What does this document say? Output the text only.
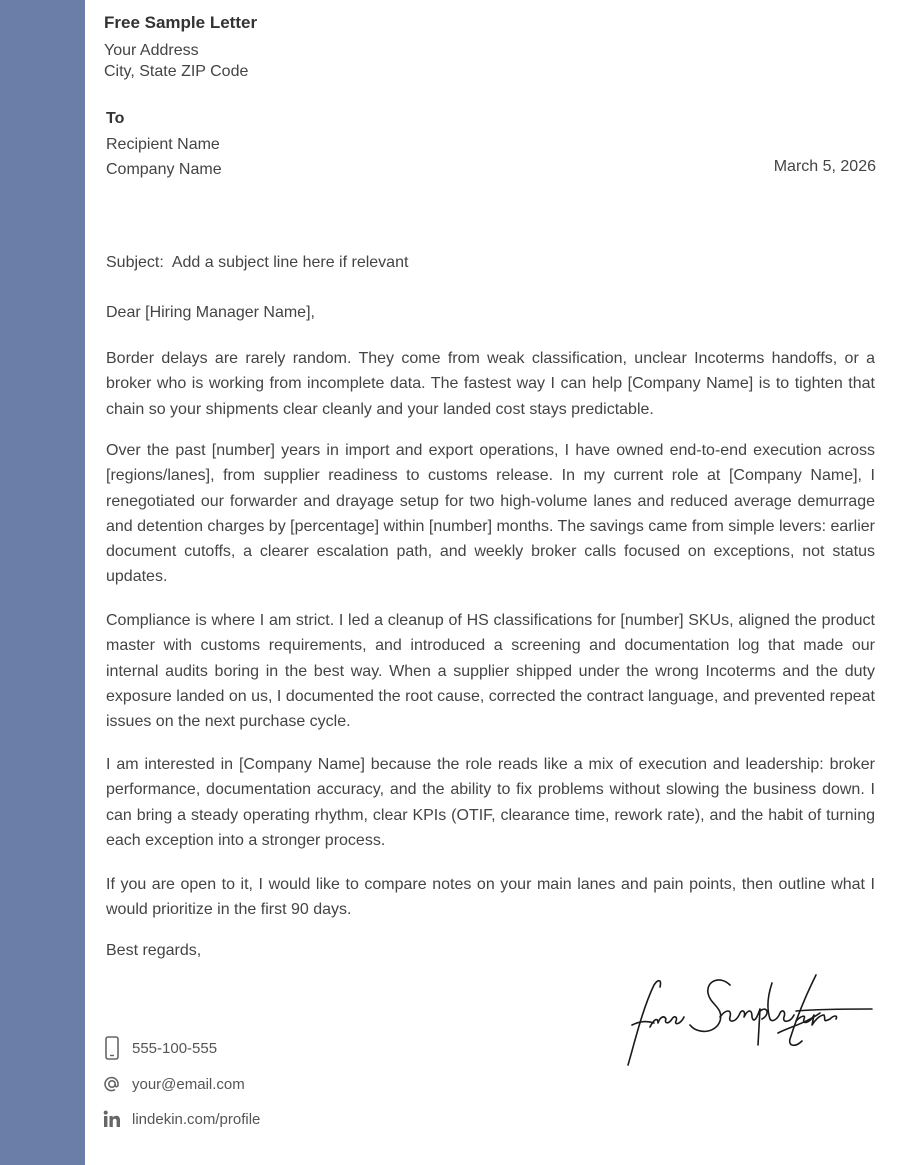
Free Sample Letter
Your Address
City, State ZIP Code
To
Recipient Name
Company Name	March 5, 2026
Subject:  Add a subject line here if relevant
Dear [Hiring Manager Name],

Border delays are rarely random. They come from weak classification, unclear Incoterms handoffs, or a broker who is working from incomplete data. The fastest way I can help [Company Name] is to tighten that chain so your shipments clear cleanly and your landed cost stays predictable.

Over the past [number] years in import and export operations, I have owned end-to-end execution across [regions/lanes], from supplier readiness to customs release. In my current role at [Company Name], I renegotiated our forwarder and drayage setup for two high-volume lanes and reduced average demurrage and detention charges by [percentage] within [number] months. The savings came from simple levers: earlier document cutoffs, a clearer escalation path, and weekly broker calls focused on exceptions, not status updates.

Compliance is where I am strict. I led a cleanup of HS classifications for [number] SKUs, aligned the product master with customs requirements, and introduced a screening and documentation log that made our internal audits boring in the best way. When a supplier shipped under the wrong Incoterms and the duty exposure landed on us, I documented the root cause, corrected the contract language, and prevented repeat issues on the next purchase cycle.

I am interested in [Company Name] because the role reads like a mix of execution and leadership: broker performance, documentation accuracy, and the ability to fix problems without slowing the business down. I can bring a steady operating rhythm, clear KPIs (OTIF, clearance time, rework rate), and the habit of turning each exception into a stronger process.

If you are open to it, I would like to compare notes on your main lanes and pain points, then outline what I would prioritize in the first 90 days.

Best regards,
555-100-555
your@email.com
lindekin.com/profile
